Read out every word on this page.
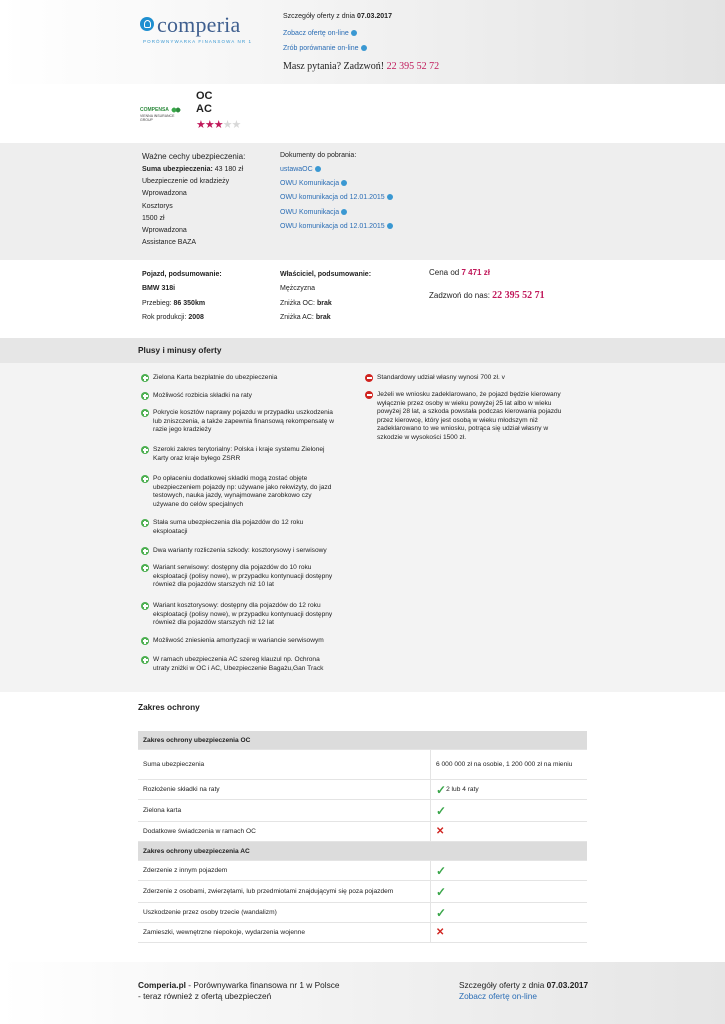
comperia
PORÓWNYWARKA FINANSOWA NR 1
Szczegóły oferty z dnia 07.03.2017
Zobacz ofertę on-line
Zrób porównanie on-line
Masz pytania? Zadzwoń! 22 395 52 72
COMPENSA
VIENNA INSURANCE GROUP
OC
AC
★★★★★
Ważne cechy ubezpieczenia:
Suma ubezpieczenia: 43 180 zł
Ubezpieczenie od kradzieży
Wprowadzona
Kosztorys
1500 zł
Wprowadzona
Assistance BAZA
Dokumenty do pobrania:
ustawaOC
OWU Komunikacja
OWU komunikacja od 12.01.2015
OWU Komunikacja
OWU komunikacja od 12.01.2015
Pojazd, podsumowanie:
BMW 318i
Przebieg: 86 350km
Rok produkcji: 2008
Właściciel, podsumowanie:
Mężczyzna
Zniżka OC: brak
Zniżka AC: brak
Cena od 7 471 zł
Zadzwoń do nas: 22 395 52 71
Plusy i minusy oferty
Zielona Karta bezpłatnie do ubezpieczenia
Możliwość rozbicia składki na raty
Pokrycie kosztów naprawy pojazdu w przypadku uszkodzenia
lub zniszczenia, a także zapewnia finansową rekompensatę w
razie jego kradzieży
Szeroki zakres terytorialny: Polska i kraje systemu Zielonej
Karty oraz kraje byłego ZSRR
Po opłaceniu dodatkowej składki mogą zostać objęte
ubezpieczeniem pojazdy np: używane jako rekwizyty, do jazd
testowych, nauka jazdy, wynajmowane zarobkowo czy
używane do celów specjalnych
Stała suma ubezpieczenia dla pojazdów do 12 roku
eksploatacji
Dwa warianty rozliczenia szkody: kosztorysowy i serwisowy
Wariant serwisowy: dostępny dla pojazdów do 10 roku
eksploatacji (polisy nowe), w przypadku kontynuacji dostępny
również dla pojazdów starszych niż 10 lat
Wariant kosztorysowy: dostępny dla pojazdów do 12 roku
eksploatacji (polisy nowe), w przypadku kontynuacji dostępny
również dla pojazdów starszych niż 12 lat
Możliwość zniesienia amortyzacji w wariancie serwisowym
W ramach ubezpieczenia AC szereg klauzul np. Ochrona
utraty zniżki w OC i AC, Ubezpieczenie Bagażu,Gan Track
Standardowy udział własny wynosi 700 zł. v
Jeżeli we wniosku zadeklarowano, że pojazd będzie kierowany
wyłącznie przez osoby w wieku powyżej 25 lat albo w wieku
powyżej 28 lat, a szkoda powstała podczas kierowania pojazdu
przez kierowcę, który jest osobą w wieku młodszym niż
zadeklarowano to we wniosku, potrąca się udział własny w
szkodzie w wysokości 1500 zł.
Zakres ochrony
Zakres ochrony ubezpieczenia OC
Suma ubezpieczenia	6 000 000 zł na osobie, 1 200 000 zł na mieniu
Rozłożenie składki na raty	✓ 2 lub 4 raty
Zielona karta	✓
Dodatkowe świadczenia w ramach OC	✕
Zakres ochrony ubezpieczenia AC
Zderzenie z innym pojazdem	✓
Zderzenie z osobami, zwierzętami, lub przedmiotami znajdującymi się poza pojazdem	✓
Uszkodzenie przez osoby trzecie (wandalizm)	✓
Zamieszki, wewnętrzne niepokoje, wydarzenia wojenne	✕
Comperia.pl - Porównywarka finansowa nr 1 w Polsce
- teraz również z ofertą ubezpieczeń
Szczegóły oferty z dnia 07.03.2017
Zobacz ofertę on-line
